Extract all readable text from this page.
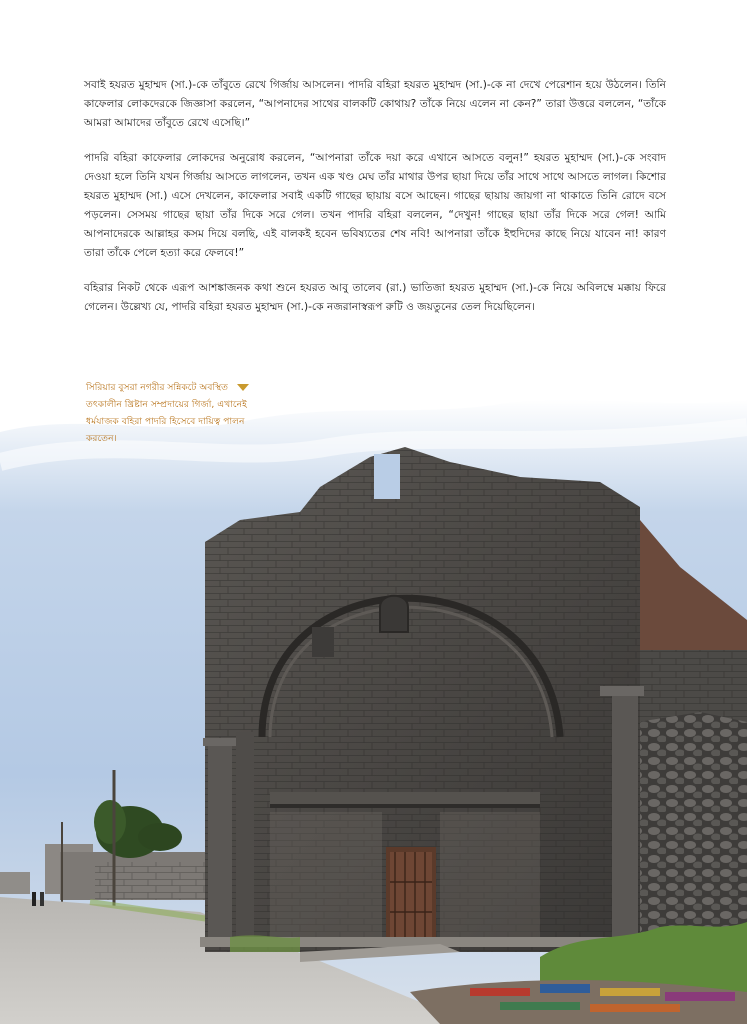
সবাই হযরত মুহাম্মদ (সা.)-কে তাঁবুতে রেখে গির্জায় আসলেন। পাদরি বহিরা হযরত মুহাম্মদ (সা.)-কে না দেখে পেরেশান হয়ে উঠলেন। তিনি কাফেলার লোকদেরকে জিজ্ঞাসা করলেন, “আপনাদের সাথের বালকটি কোথায়? তাঁকে নিয়ে এলেন না কেন?” তারা উত্তরে বললেন, “তাঁকে আমরা আমাদের তাঁবুতে রেখে এসেছি।”

পাদরি বহিরা কাফেলার লোকদের অনুরোধ করলেন, “আপনারা তাঁকে দয়া করে এখানে আসতে বলুন!” হযরত মুহাম্মদ (সা.)-কে সংবাদ দেওয়া হলে তিনি যখন গির্জায় আসতে লাগলেন, তখন এক খণ্ড মেঘ তাঁর মাথার উপর ছায়া দিয়ে তাঁর সাথে সাথে আসতে লাগল। কিশোর হযরত মুহাম্মদ (সা.) এসে দেখলেন, কাফেলার সবাই একটি গাছের ছায়ায় বসে আছেন। গাছের ছায়ায় জায়গা না থাকাতে তিনি রোদে বসে পড়লেন। সেসময় গাছের ছায়া তাঁর দিকে সরে গেল। তখন পাদরি বহিরা বললেন, “দেখুন! গাছের ছায়া তাঁর দিকে সরে গেল! আমি আপনাদেরকে আল্লাহর কসম দিয়ে বলছি, এই বালকই হবেন ভবিষ্যতের শেষ নবি! আপনারা তাঁকে ইহুদিদের কাছে নিয়ে যাবেন না! কারণ তারা তাঁকে পেলে হত্যা করে ফেলবে!”

বহিরার নিকট থেকে এরূপ আশঙ্কাজনক কথা শুনে হযরত আবু তালেব (রা.) ভাতিজা হযরত মুহাম্মদ (সা.)-কে নিয়ে অবিলম্বে মক্কায় ফিরে গেলেন। উল্লেখ্য যে, পাদরি বহিরা হযরত মুহাম্মদ (সা.)-কে নজরানাস্বরূপ রুটি ও জয়তুনের তেল দিয়েছিলেন।

সিরিয়ার বুসরা নগরীর সন্নিকটে অবস্থিত
তৎকালীন খ্রিষ্টান সম্প্রদায়ের গির্জা, এখানেই ধর্মযাজক বহিরা পাদরি হিসেবে দায়িত্ব পালন করতেন।
